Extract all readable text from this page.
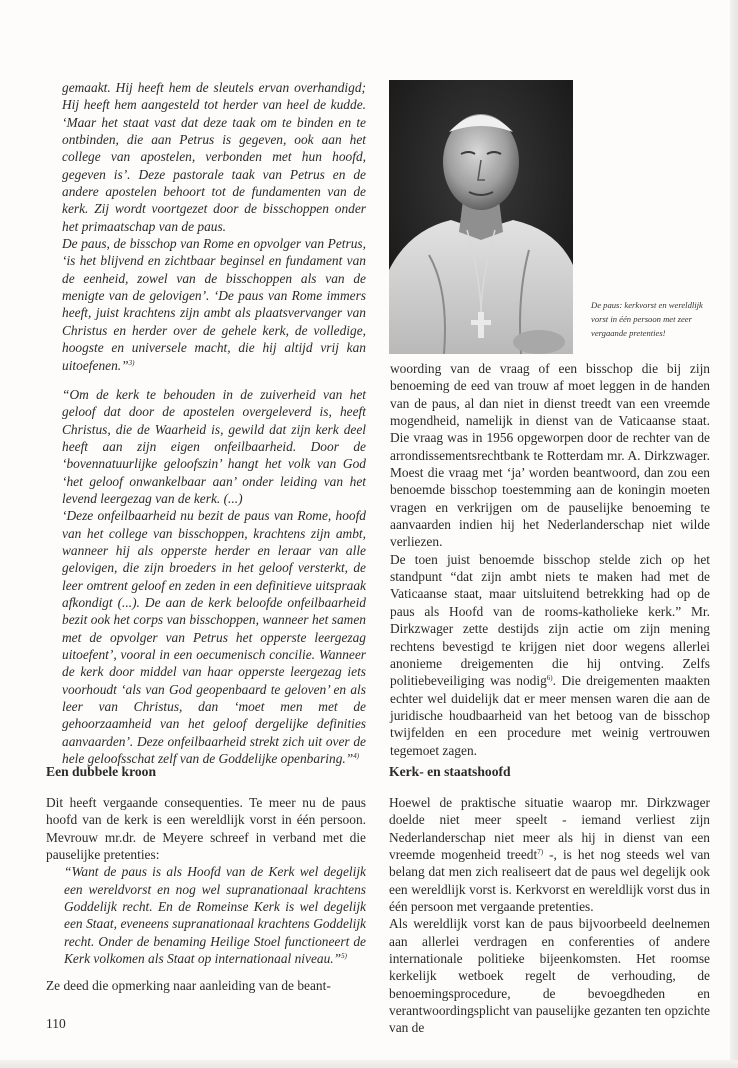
gemaakt. Hij heeft hem de sleutels ervan overhandigd; Hij heeft hem aangesteld tot herder van heel de kudde. ‘Maar het staat vast dat deze taak om te binden en te ontbinden, die aan Petrus is gegeven, ook aan het college van apostelen, verbonden met hun hoofd, gegeven is’. Deze pastorale taak van Petrus en de andere apostelen behoort tot de fundamenten van de kerk. Zij wordt voortgezet door de bisschoppen onder het primaatschap van de paus.

De paus, de bisschop van Rome en opvolger van Petrus, ‘is het blijvend en zichtbaar beginsel en fundament van de eenheid, zowel van de bisschoppen als van de menigte van de gelovigen’. ‘De paus van Rome immers heeft, juist krachtens zijn ambt als plaatsvervanger van Christus en herder over de gehele kerk, de volledige, hoogste en universele macht, die hij altijd vrij kan uitoefenen.”$^{3)}$

“Om de kerk te behouden in de zuiverheid van het geloof dat door de apostelen overgeleverd is, heeft Christus, die de Waarheid is, gewild dat zijn kerk deel heeft aan zijn eigen onfeilbaarheid. Door de ‘bovennatuurlijke geloofszin’ hangt het volk van God ‘het geloof onwankelbaar aan’ onder leiding van het levend leergezag van de kerk. (...)

‘Deze onfeilbaarheid nu bezit de paus van Rome, hoofd van het college van bisschoppen, krachtens zijn ambt, wanneer hij als opperste herder en leraar van alle gelovigen, die zijn broeders in het geloof versterkt, de leer omtrent geloof en zeden in een definitieve uitspraak afkondigt (...). De aan de kerk beloofde onfeilbaarheid bezit ook het corps van bisschoppen, wanneer het samen met de opvolger van Petrus het opperste leergezag uitoefent’, vooral in een oecumenisch concilie. Wanneer de kerk door middel van haar opperste leergezag iets voorhoudt ‘als van God geopenbaard te geloven’ en als leer van Christus, dan ‘moet men met de gehoorzaamheid van het geloof dergelijke definities aanvaarden’. Deze onfeilbaarheid strekt zich uit over de hele geloofsschat zelf van de Goddelijke openbaring.”$^{4)}$

De paus: kerkvorst en wereldlijk vorst in één persoon met zeer vergaande pretenties!

woording van de vraag of een bisschop die bij zijn benoeming de eed van trouw af moet leggen in de handen van de paus, al dan niet in dienst treedt van een vreemde mogendheid, namelijk in dienst van de Vaticaanse staat. Die vraag was in 1956 opgeworpen door de rechter van de arrondissementsrechtbank te Rotterdam mr. A. Dirkzwager. Moest die vraag met ‘ja’ worden beantwoord, dan zou een benoemde bisschop toestemming aan de koningin moeten vragen en verkrijgen om de pauselijke benoeming te aanvaarden indien hij het Nederlanderschap niet wilde verliezen.

De toen juist benoemde bisschop stelde zich op het standpunt “dat zijn ambt niets te maken had met de Vaticaanse staat, maar uitsluitend betrekking had op de paus als Hoofd van de rooms-katholieke kerk.” Mr. Dirkzwager zette destijds zijn actie om zijn mening rechtens bevestigd te krijgen niet door wegens allerlei anonieme dreigementen die hij ontving. Zelfs politiebeveiliging was nodig$^{6)}$. Die dreigementen maakten echter wel duidelijk dat er meer mensen waren die aan de juridische houdbaarheid van het betoog van de bisschop twijfelden en een procedure met weinig vertrouwen tegemoet zagen.

Een dubbele kroon	Kerk- en staatshoofd

Dit heeft vergaande consequenties. Te meer nu de paus hoofd van de kerk is een wereldlijk vorst in één persoon. Mevrouw mr.dr. de Meyere schreef in verband met die pauselijke pretenties:

“Want de paus is als Hoofd van de Kerk wel degelijk een wereldvorst en nog wel supranationaal krachtens Goddelijk recht. En de Romeinse Kerk is wel degelijk een Staat, eveneens supranationaal krachtens Goddelijk recht. Onder de benaming Heilige Stoel functioneert de Kerk volkomen als Staat op internationaal niveau.”$^{5)}$

Ze deed die opmerking naar aanleiding van de beant-

Hoewel de praktische situatie waarop mr. Dirkzwager doelde niet meer speelt - iemand verliest zijn Nederlanderschap niet meer als hij in dienst van een vreemde mogenheid treedt$^{7)}$ -, is het nog steeds wel van belang dat men zich realiseert dat de paus wel degelijk ook een wereldlijk vorst is. Kerkvorst en wereldlijk vorst dus in één persoon met vergaande pretenties.

Als wereldlijk vorst kan de paus bijvoorbeeld deelnemen aan allerlei verdragen en conferenties of andere internationale politieke bijeenkomsten. Het roomse kerkelijk wetboek regelt de verhouding, de benoemingsprocedure, de bevoegdheden en verantwoordingsplicht van pauselijke gezanten ten opzichte van de

110
